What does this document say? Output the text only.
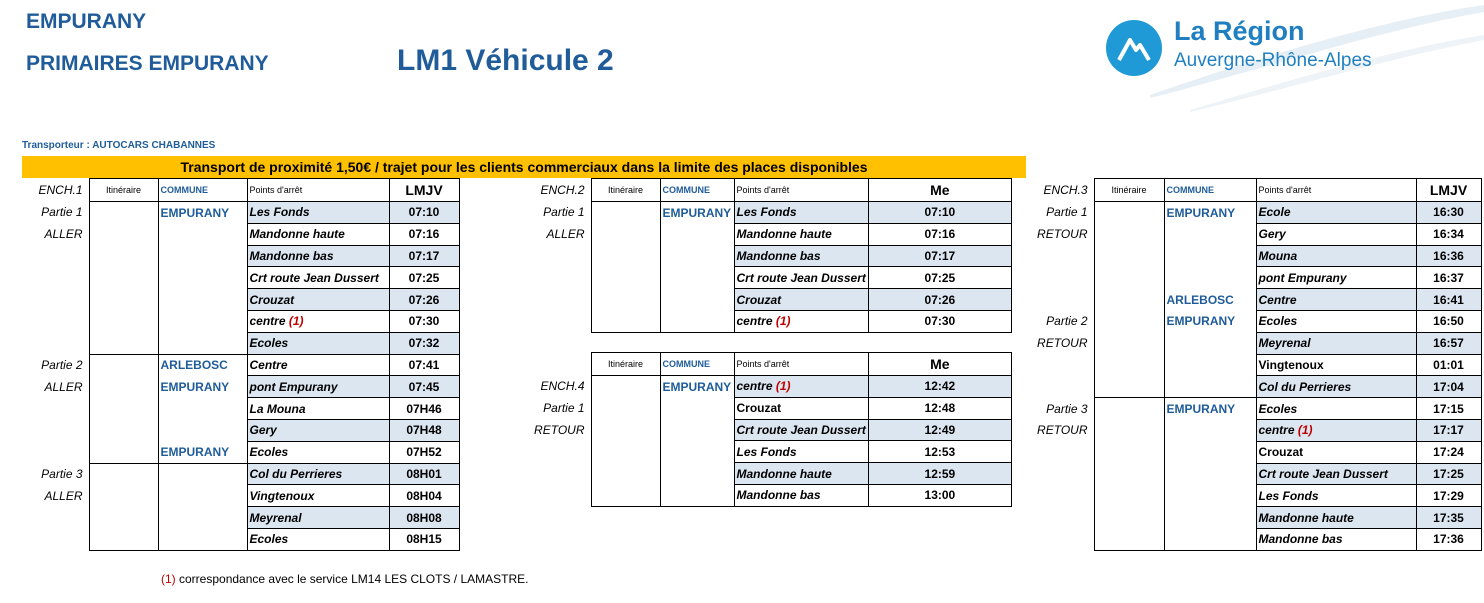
EMPURANY
PRIMAIRES EMPURANY	LM1 Véhicule 2
La Région
Auvergne-Rhône-Alpes
Transporteur : AUTOCARS CHABANNES
Transport de proximité 1,50€ / trajet pour les clients commerciaux dans la limite des places disponibles
ENCH.1	Itinéraire	COMMUNE	Points d'arrêt	LMJV
Partie 1		EMPURANY	Les Fonds	07:10
ALLER			Mandonne haute	07:16
			Mandonne bas	07:17
			Crt route Jean Dussert	07:25
			Crouzat	07:26
			centre (1)	07:30
			Ecoles	07:32
Partie 2		ARLEBOSC	Centre	07:41
ALLER		EMPURANY	pont Empurany	07:45
			La Mouna	07H46
			Gery	07H48
		EMPURANY	Ecoles	07H52
Partie 3			Col du Perrieres	08H01
ALLER			Vingtenoux	08H04
			Meyrenal	08H08
			Ecoles	08H15
ENCH.2	Itinéraire	COMMUNE	Points d'arrêt	Me
Partie 1		EMPURANY	Les Fonds	07:10
ALLER			Mandonne haute	07:16
			Mandonne bas	07:17
			Crt route Jean Dussert	07:25
			Crouzat	07:26
			centre (1)	07:30
	Itinéraire	COMMUNE	Points d'arrêt	Me
ENCH.4		EMPURANY	centre (1)	12:42
Partie 1			Crouzat	12:48
RETOUR			Crt route Jean Dussert	12:49
			Les Fonds	12:53
			Mandonne haute	12:59
			Mandonne bas	13:00
ENCH.3	Itinéraire	COMMUNE	Points d'arrêt	LMJV
Partie 1		EMPURANY	Ecole	16:30
RETOUR			Gery	16:34
			Mouna	16:36
			pont Empurany	16:37
		ARLEBOSC	Centre	16:41
Partie 2		EMPURANY	Ecoles	16:50
RETOUR			Meyrenal	16:57
			Vingtenoux	01:01
			Col du Perrieres	17:04
Partie 3		EMPURANY	Ecoles	17:15
RETOUR			centre (1)	17:17
			Crouzat	17:24
			Crt route Jean Dussert	17:25
			Les Fonds	17:29
			Mandonne haute	17:35
			Mandonne bas	17:36
(1) correspondance avec le service LM14 LES CLOTS / LAMASTRE.
